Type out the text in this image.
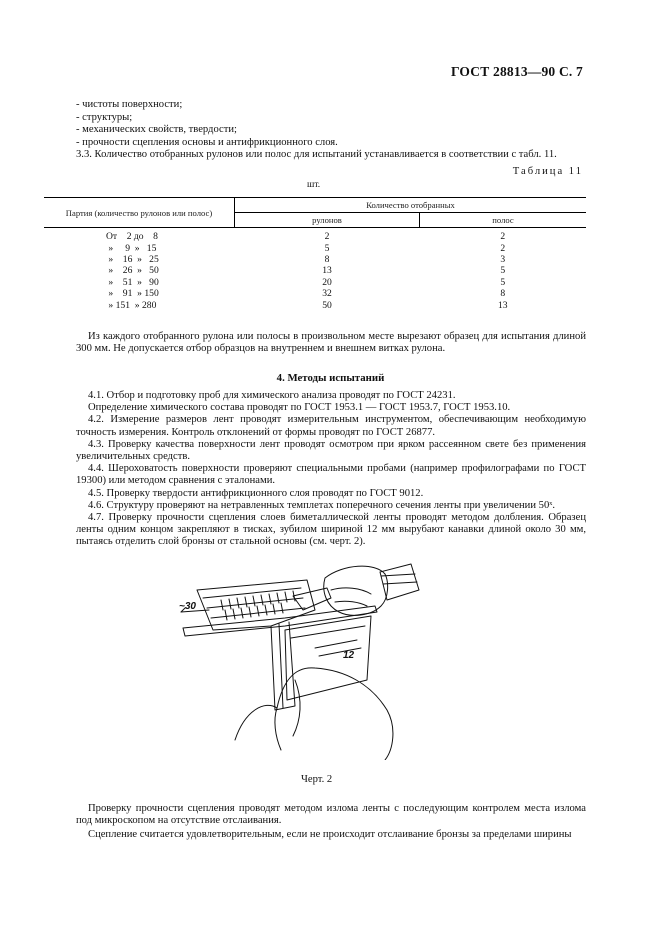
ГОСТ 28813—90 С. 7
- чистоты поверхности;
- структуры;
- механических свойств, твердости;
- прочности сцепления основы и антифрикционного слоя.

3.3. Количество отобранных рулонов или полос для испытаний устанавливается в соответствии с табл. 11.

Таблица 11
шт.
Партия (количество рулонов или полос)	Количество отобранных	
	рулонов	полос
От    2 до    8	2	2
»     9  »   15	5	2
»    16  »   25	8	3
»    26  »   50	13	5
»    51  »   90	20	5
»    91  » 150	32	8
» 151  » 280	50	13

Из каждого отобранного рулона или полосы в произвольном месте вырезают образец для испытания длиной 300 мм. Не допускается отбор образцов на внутреннем и внешнем витках рулона.

4. Методы испытаний

4.1. Отбор и подготовку проб для химического анализа проводят по ГОСТ 24231.

Определение химического состава проводят по ГОСТ 1953.1 — ГОСТ 1953.7, ГОСТ 1953.10.

4.2. Измерение размеров лент проводят измерительным инструментом, обеспечивающим необходимую точность измерения. Контроль отклонений от формы проводят по ГОСТ 26877.

4.3. Проверку качества поверхности лент проводят осмотром при ярком рассеянном свете без применения увеличительных средств.

4.4. Шероховатость поверхности проверяют специальными пробами (например профилографами по ГОСТ 19300) или методом сравнения с эталонами.

4.5. Проверку твердости антифрикционного слоя проводят по ГОСТ 9012.

4.6. Структуру проверяют на нетравленных темплетах поперечного сечения ленты при увеличении 50ˣ.

4.7. Проверку прочности сцепления слоев биметаллической ленты проводят методом долбления. Образец ленты одним концом закрепляют в тисках, зубилом шириной 12 мм вырубают канавки длиной около 30 мм, пытаясь отделить слой бронзы от стальной основы (см. черт. 2).

~30
12
Черт. 2

Проверку прочности сцепления проводят методом излома ленты с последующим контролем места излома под микроскопом на отсутствие отслаивания.

Сцепление считается удовлетворительным, если не происходит отслаивание бронзы за пределами ширины
